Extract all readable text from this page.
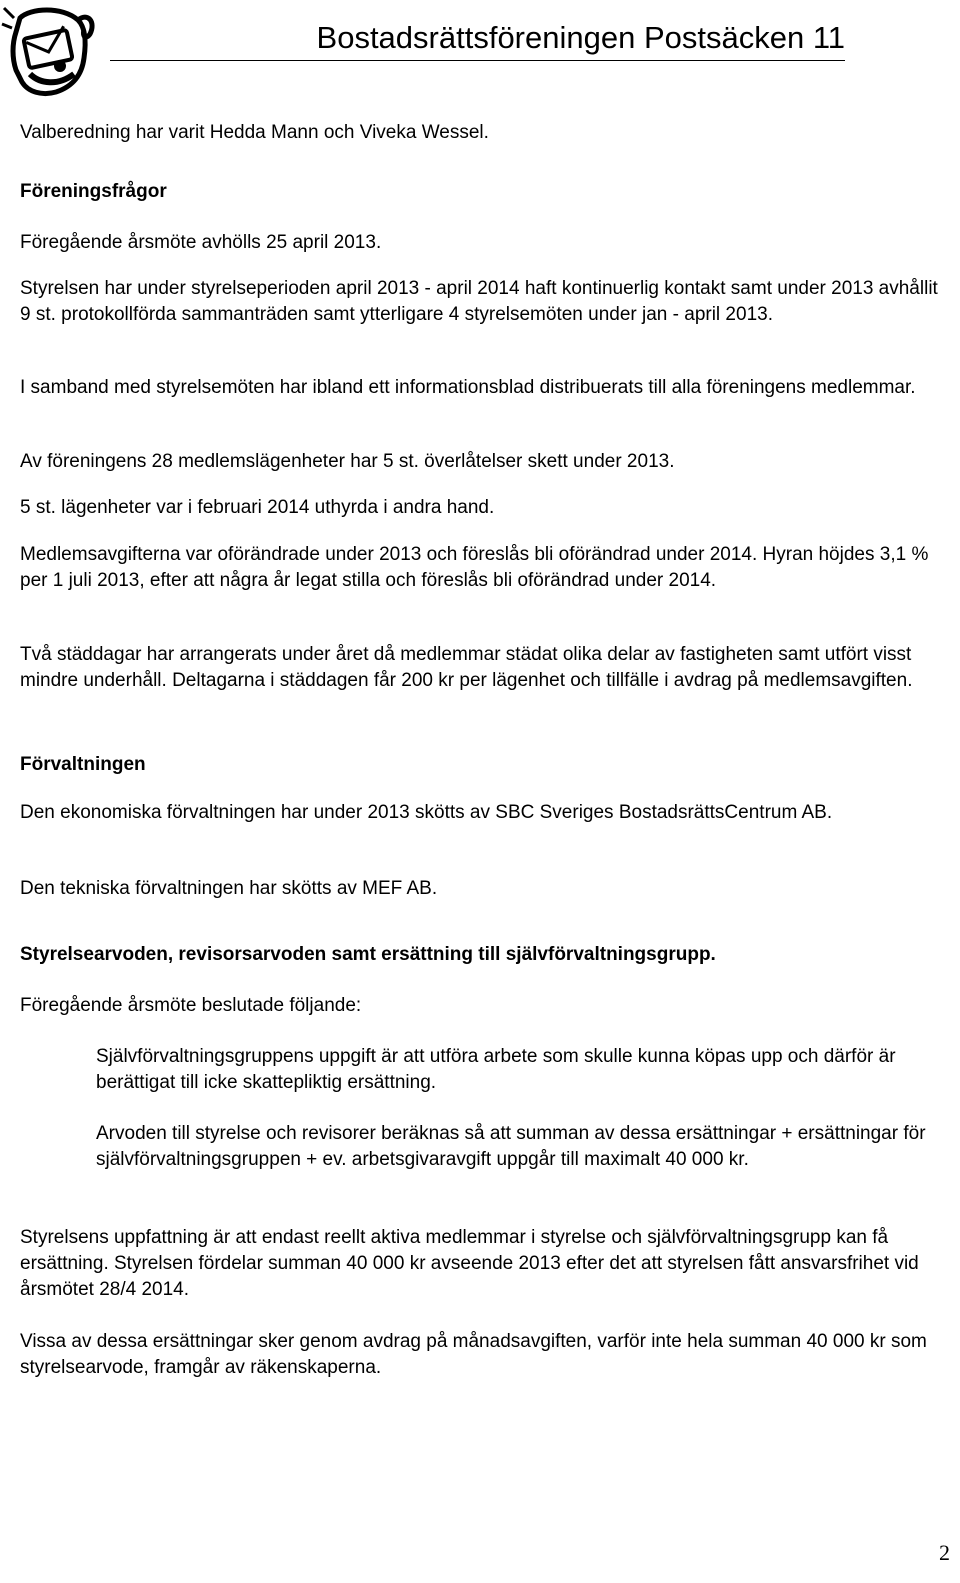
Bostadsrättsföreningen Postsäcken 11

Valberedning har varit Hedda Mann och Viveka Wessel.

Föreningsfrågor

Föregående årsmöte avhölls 25 april 2013.

Styrelsen har under styrelseperioden april 2013 - april 2014 haft kontinuerlig kontakt samt under 2013 avhållit 9 st. protokollförda sammanträden samt ytterligare 4 styrelsemöten under jan - april 2013.

I samband med styrelsemöten har ibland ett informationsblad distribuerats till alla föreningens medlemmar.

Av föreningens 28 medlemslägenheter har 5 st. överlåtelser skett under 2013.

5 st. lägenheter var i februari 2014 uthyrda i andra hand.

Medlemsavgifterna var oförändrade under 2013 och föreslås bli oförändrad under 2014. Hyran höjdes 3,1 % per 1 juli 2013, efter att några år legat stilla och föreslås bli oförändrad under 2014.

Två städdagar har arrangerats under året då medlemmar städat olika delar av fastigheten samt utfört visst mindre underhåll. Deltagarna i städdagen får 200 kr per lägenhet och tillfälle i avdrag på medlemsavgiften.

Förvaltningen

Den ekonomiska förvaltningen har under 2013 skötts av SBC Sveriges BostadsrättsCentrum AB.

Den tekniska förvaltningen har skötts av MEF AB.

Styrelsearvoden, revisorsarvoden samt ersättning till självförvaltningsgrupp.

Föregående årsmöte beslutade följande:

Självförvaltningsgruppens uppgift är att utföra arbete som skulle kunna köpas upp och därför är berättigat till icke skattepliktig ersättning.

Arvoden till styrelse och revisorer beräknas så att summan av dessa ersättningar + ersättningar för självförvaltningsgruppen + ev. arbetsgivaravgift uppgår till maximalt 40 000 kr.

Styrelsens uppfattning är att endast reellt aktiva medlemmar i styrelse och självförvaltningsgrupp kan få ersättning. Styrelsen fördelar summan 40 000 kr avseende 2013 efter det att styrelsen fått ansvarsfrihet vid årsmötet 28/4 2014.

Vissa av dessa ersättningar sker genom avdrag på månadsavgiften, varför inte hela summan 40 000 kr som styrelsearvode, framgår av räkenskaperna.

2
